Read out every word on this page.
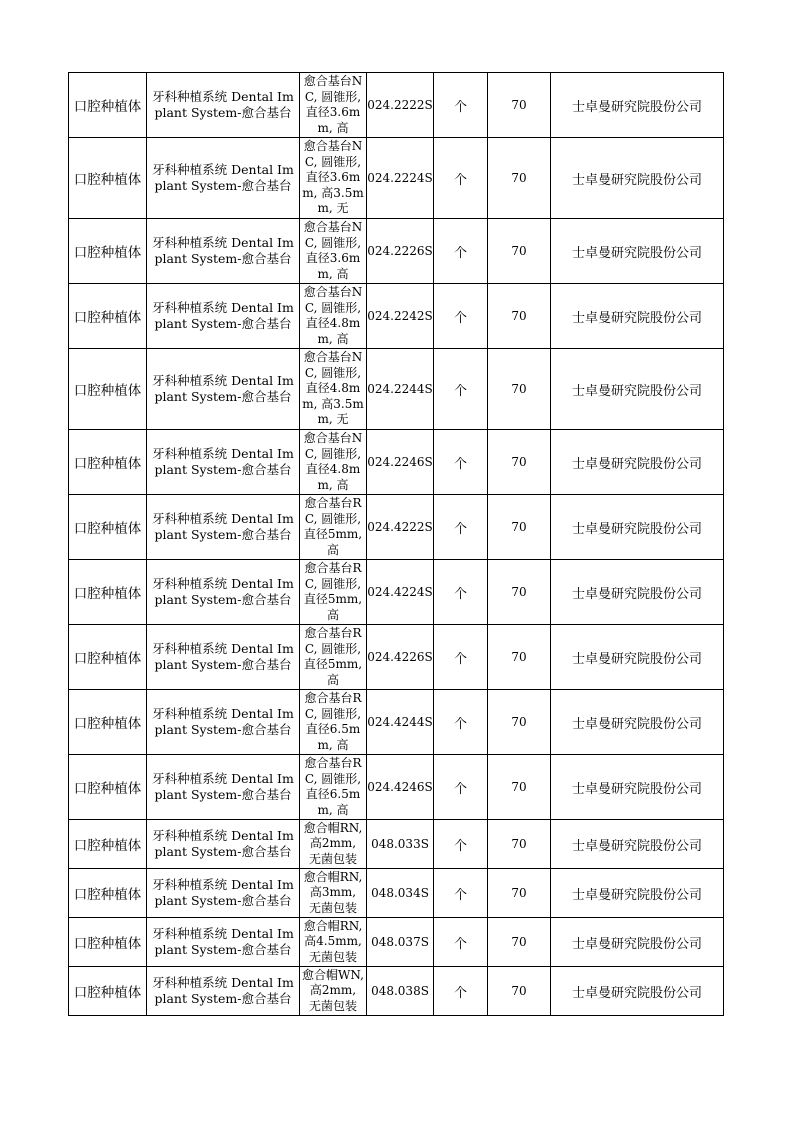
口腔种植体	牙科种植系统 Dental Implant System-愈合基台	愈合基台NC, 圆锥形, 直径3.6mm, 高	024.2222S	个	70	士卓曼研究院股份公司

口腔种植体	牙科种植系统 Dental Implant System-愈合基台	愈合基台NC, 圆锥形, 直径3.6mm, 高3.5mm, 无	024.2224S	个	70	士卓曼研究院股份公司

口腔种植体	牙科种植系统 Dental Implant System-愈合基台	愈合基台NC, 圆锥形, 直径3.6mm, 高	024.2226S	个	70	士卓曼研究院股份公司

口腔种植体	牙科种植系统 Dental Implant System-愈合基台	愈合基台NC, 圆锥形, 直径4.8mm, 高	024.2242S	个	70	士卓曼研究院股份公司

口腔种植体	牙科种植系统 Dental Implant System-愈合基台	愈合基台NC, 圆锥形, 直径4.8mm, 高3.5mm, 无	024.2244S	个	70	士卓曼研究院股份公司

口腔种植体	牙科种植系统 Dental Implant System-愈合基台	愈合基台NC, 圆锥形, 直径4.8mm, 高	024.2246S	个	70	士卓曼研究院股份公司

口腔种植体	牙科种植系统 Dental Implant System-愈合基台	愈合基台RC, 圆锥形, 直径5mm, 高	024.4222S	个	70	士卓曼研究院股份公司

口腔种植体	牙科种植系统 Dental Implant System-愈合基台	愈合基台RC, 圆锥形, 直径5mm, 高	024.4224S	个	70	士卓曼研究院股份公司

口腔种植体	牙科种植系统 Dental Implant System-愈合基台	愈合基台RC, 圆锥形, 直径5mm, 高	024.4226S	个	70	士卓曼研究院股份公司

口腔种植体	牙科种植系统 Dental Implant System-愈合基台	愈合基台RC, 圆锥形, 直径6.5mm, 高	024.4244S	个	70	士卓曼研究院股份公司

口腔种植体	牙科种植系统 Dental Implant System-愈合基台	愈合基台RC, 圆锥形, 直径6.5mm, 高	024.4246S	个	70	士卓曼研究院股份公司

口腔种植体	牙科种植系统 Dental Implant System-愈合基台	愈合帽RN, 高2mm, 无菌包装	048.033S	个	70	士卓曼研究院股份公司

口腔种植体	牙科种植系统 Dental Implant System-愈合基台	愈合帽RN, 高3mm, 无菌包装	048.034S	个	70	士卓曼研究院股份公司

口腔种植体	牙科种植系统 Dental Implant System-愈合基台	愈合帽RN, 高4.5mm, 无菌包装	048.037S	个	70	士卓曼研究院股份公司

口腔种植体	牙科种植系统 Dental Implant System-愈合基台	愈合帽WN, 高2mm, 无菌包装	048.038S	个	70	士卓曼研究院股份公司
